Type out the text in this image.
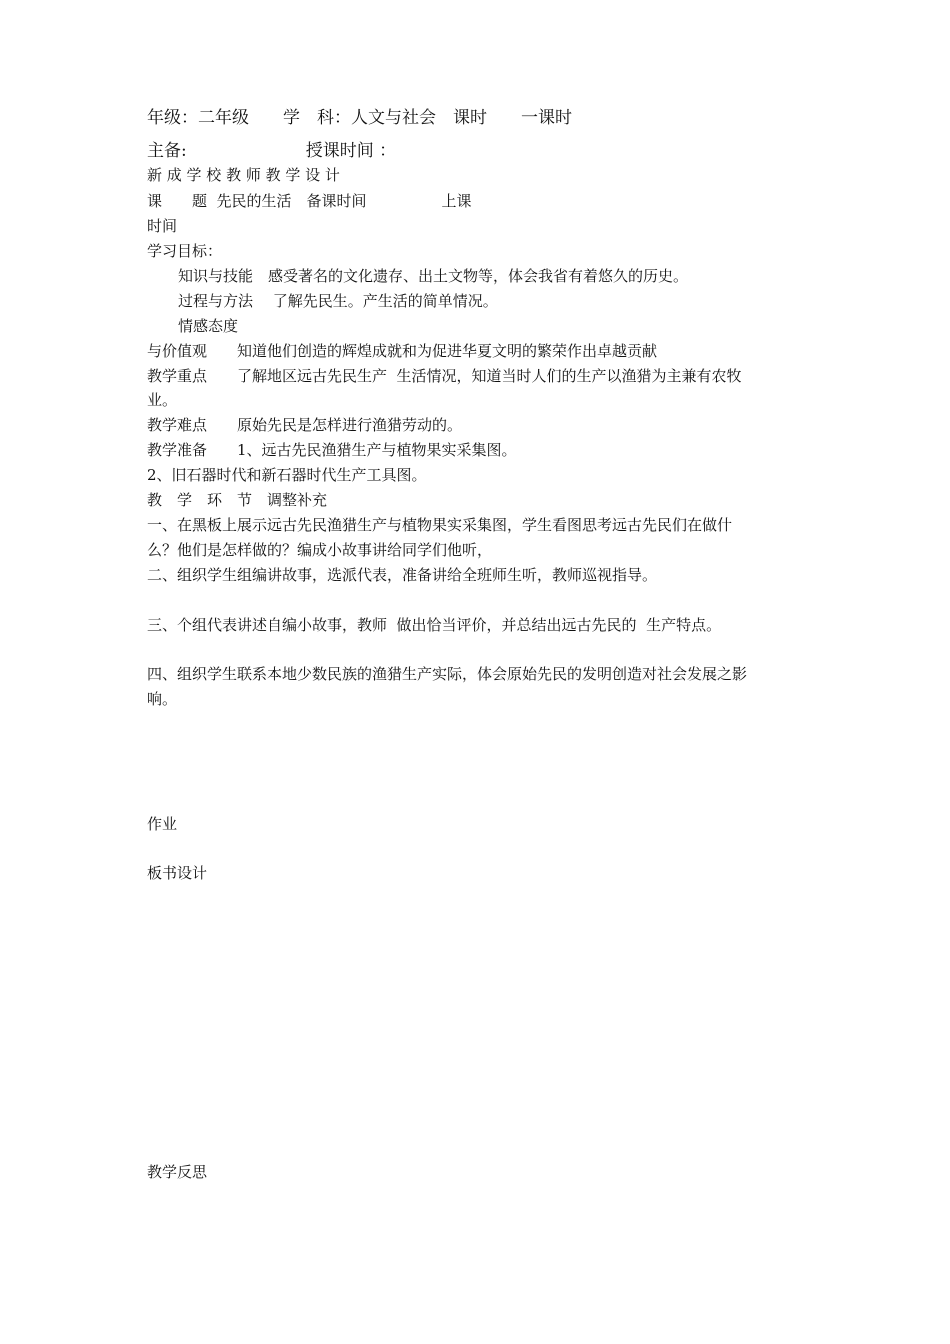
年级：二年级　　学　科：人文与社会　课时　　一课时
主备:　　　　　　　授课时间 ：
新 成 学 校 教 师 教 学 设 计
课　　题  先民的生活　备课时间　　　　　上课
时间
学习目标：
知识与技能　感受著名的文化遗存、出土文物等，体会我省有着悠久的历史。
过程与方法　 了解先民生。产生活的简单情况。
情感态度
与价值观　　知道他们创造的辉煌成就和为促进华夏文明的繁荣作出卓越贡献
教学重点　　了解地区远古先民生产  生活情况，知道当时人们的生产以渔猎为主兼有农牧
业。
教学难点　　原始先民是怎样进行渔猎劳动的。
教学准备　　1、远古先民渔猎生产与植物果实采集图。
2、旧石器时代和新石器时代生产工具图。
教　学　环　节　调整补充
一、在黑板上展示远古先民渔猎生产与植物果实采集图，学生看图思考远古先民们在做什
么？他们是怎样做的？编成小故事讲给同学们他听，
二、组织学生组编讲故事，选派代表，准备讲给全班师生听，教师巡视指导。
三、个组代表讲述自编小故事，教师  做出恰当评价，并总结出远古先民的  生产特点。
四、组织学生联系本地少数民族的渔猎生产实际，体会原始先民的发明创造对社会发展之影
响。
作业
板书设计
教学反思
